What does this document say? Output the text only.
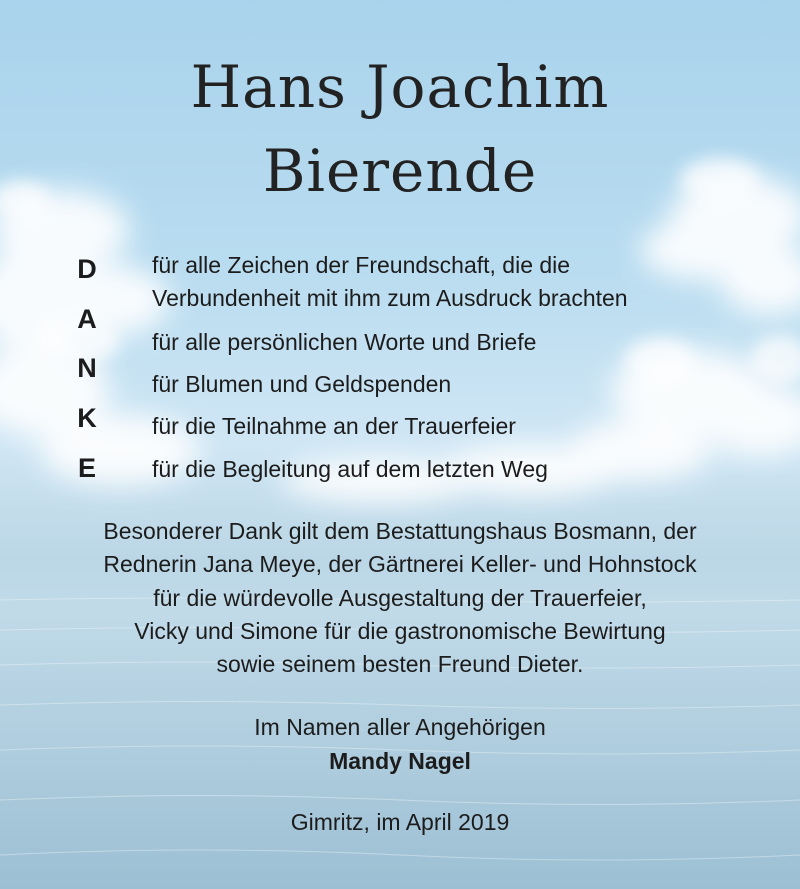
Hans Joachim
Bierende
D
A
N
K
E
für alle Zeichen der Freundschaft, die die
Verbundenheit mit ihm zum Ausdruck brachten
für alle persönlichen Worte und Briefe
für Blumen und Geldspenden
für die Teilnahme an der Trauerfeier
für die Begleitung auf dem letzten Weg
Besonderer Dank gilt dem Bestattungshaus Bosmann, der
Rednerin Jana Meye, der Gärtnerei Keller- und Hohnstock
für die würdevolle Ausgestaltung der Trauerfeier,
Vicky und Simone für die gastronomische Bewirtung
sowie seinem besten Freund Dieter.
Im Namen aller Angehörigen
Mandy Nagel
Gimritz, im April 2019
